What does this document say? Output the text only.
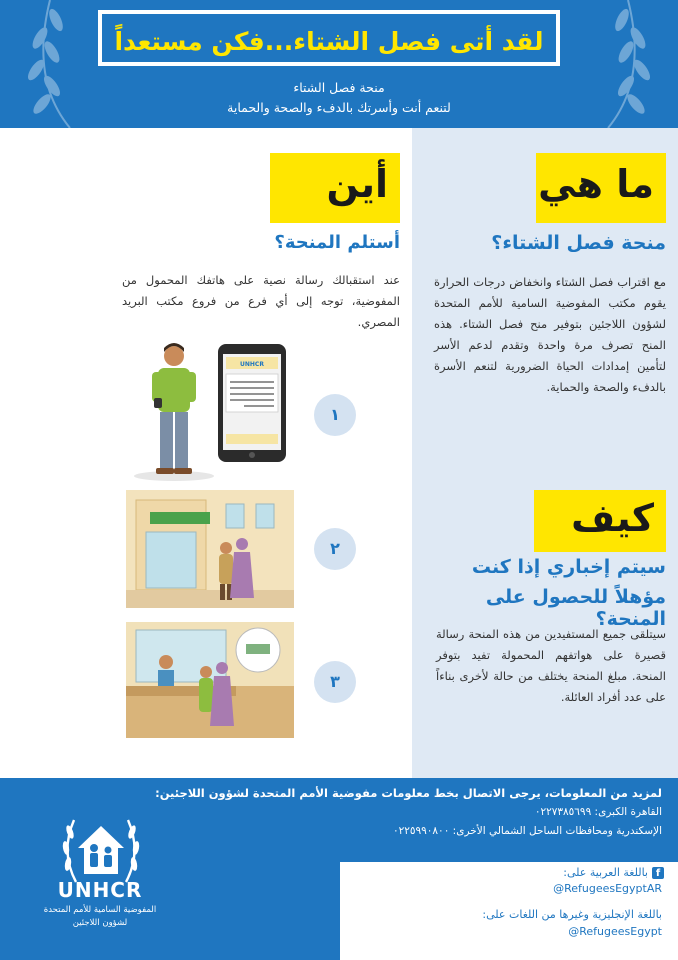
لقد أتى فصل الشتاء...فكن مستعداً
منحة فصل الشتاء
لتنعم أنت وأسرتك بالدفء والصحة والحماية
ما هي
منحة فصل الشتاء؟
مع اقتراب فصل الشتاء وانخفاض درجات الحرارة يقوم مكتب المفوضية السامية للأمم المتحدة لشؤون اللاجئين بتوفير منح فصل الشتاء. هذه المنح تصرف مرة واحدة وتقدم لدعم الأسر لتأمين إمدادات الحياة الضرورية لتنعم الأسرة بالدفء والصحة والحماية.
أين
أستلم المنحة؟
عند استقبالك رسالة نصية على هاتفك المحمول من المفوضية، توجه إلى أي فرع من فروع مكتب البريد المصري.
كيف
سيتم إخباري إذا كنت
مؤهلاً للحصول على المنحة؟
سيتلقى جميع المستفيدين من هذه المنحة رسالة قصيرة على هواتفهم المحمولة تفيد بتوفر المنحة. مبلغ المنحة يختلف من حالة لأخرى بناءاً على عدد أفراد العائلة.
UNHCR
١
٢
٣
لمزيد من المعلومات، يرجى الاتصال بخط معلومات مفوضية الأمم المتحدة لشؤون اللاجئين:
القاهرة الكبرى: ٠٢٢٧٣٨٥٦٩٩
الإسكندرية ومحافظات الساحل الشمالي الأخرى: ٠٢٢٥٩٩٠٨٠٠
f
باللغة العربية على:
@RefugeesEgyptAR
باللغة الإنجليزية وغيرها من اللغات على:
@RefugeesEgypt
UNHCR
المفوضية السامية للأمم المتحدة
لشؤون اللاجئين
